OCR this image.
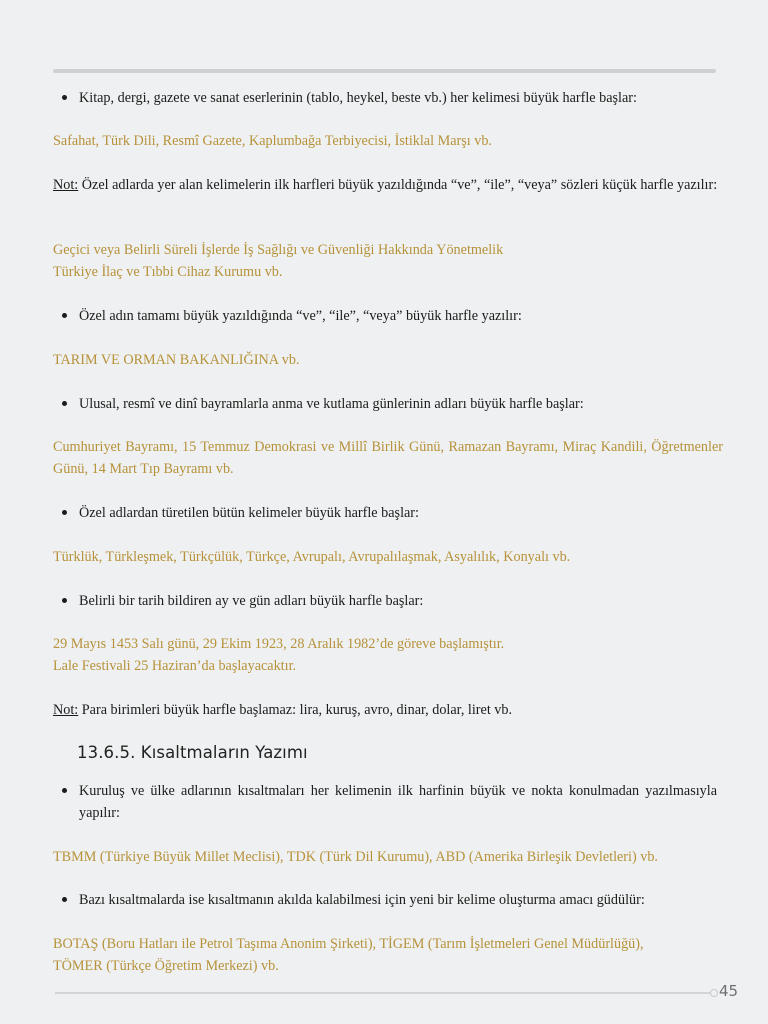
Kitap, dergi, gazete ve sanat eserlerinin (tablo, heykel, beste vb.) her kelimesi büyük harfle başlar:

Safahat, Türk Dili, Resmî Gazete, Kaplumbağa Terbiyecisi, İstiklal Marşı vb.

Not: Özel adlarda yer alan kelimelerin ilk harfleri büyük yazıldığında “ve”, “ile”, “veya” sözleri küçük harfle yazılır:

Geçici veya Belirli Süreli İşlerde İş Sağlığı ve Güvenliği Hakkında Yönetmelik
Türkiye İlaç ve Tıbbi Cihaz Kurumu vb.

Özel adın tamamı büyük yazıldığında “ve”, “ile”, “veya” büyük harfle yazılır:

TARIM VE ORMAN BAKANLIĞINA vb.

Ulusal, resmî ve dinî bayramlarla anma ve kutlama günlerinin adları büyük harfle başlar:

Cumhuriyet Bayramı, 15 Temmuz Demokrasi ve Millî Birlik Günü, Ramazan Bayramı, Miraç Kandili, Öğretmenler Günü, 14 Mart Tıp Bayramı vb.

Özel adlardan türetilen bütün kelimeler büyük harfle başlar:

Türklük, Türkleşmek, Türkçülük, Türkçe, Avrupalı, Avrupalılaşmak, Asyalılık, Konyalı vb.

Belirli bir tarih bildiren ay ve gün adları büyük harfle başlar:

29 Mayıs 1453 Salı günü, 29 Ekim 1923, 28 Aralık 1982’de göreve başlamıştır.
Lale Festivali 25 Haziran’da başlayacaktır.

Not: Para birimleri büyük harfle başlamaz: lira, kuruş, avro, dinar, dolar, liret vb.

13.6.5. Kısaltmaların Yazımı

Kuruluş ve ülke adlarının kısaltmaları her kelimenin ilk harfinin büyük ve nokta konulmadan yazılmasıyla yapılır:

TBMM (Türkiye Büyük Millet Meclisi), TDK (Türk Dil Kurumu), ABD (Amerika Birleşik Devletleri) vb.

Bazı kısaltmalarda ise kısaltmanın akılda kalabilmesi için yeni bir kelime oluşturma amacı güdülür:

BOTAŞ (Boru Hatları ile Petrol Taşıma Anonim Şirketi), TİGEM (Tarım İşletmeleri Genel Müdürlüğü),
TÖMER (Türkçe Öğretim Merkezi) vb.

45
